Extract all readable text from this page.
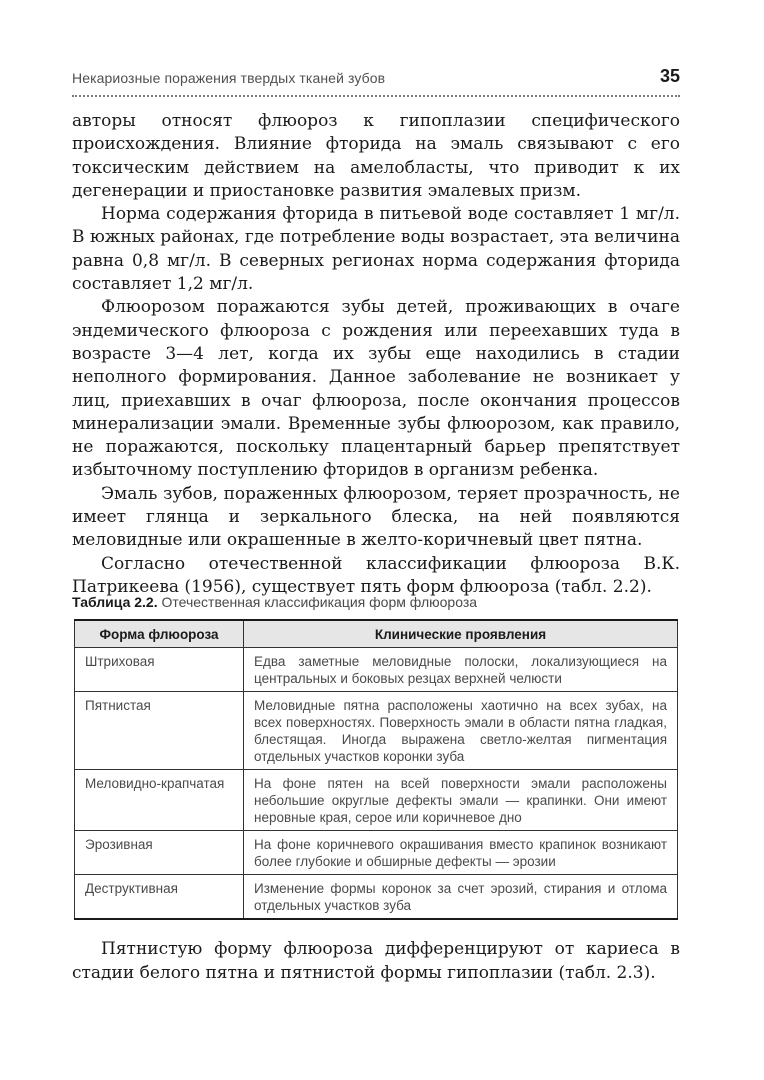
Некариозные поражения твердых тканей зубов	35

авторы относят флюороз к гипоплазии специфического происхождения. Влияние фторида на эмаль связывают с его токсическим действием на амелобласты, что приводит к их дегенерации и приостановке развития эмалевых призм.

Норма содержания фторида в питьевой воде составляет 1 мг/л. В южных районах, где потребление воды возрастает, эта величина равна 0,8 мг/л. В северных регионах норма содержания фторида составляет 1,2 мг/л.

Флюорозом поражаются зубы детей, проживающих в очаге эндемического флюороза с рождения или переехавших туда в возрасте 3—4 лет, когда их зубы еще находились в стадии неполного формирования. Данное заболевание не возникает у лиц, приехавших в очаг флюороза, после окончания процессов минерализации эмали. Временные зубы флюорозом, как правило, не поражаются, поскольку плацентарный барьер препятствует избыточному поступлению фторидов в организм ребенка.

Эмаль зубов, пораженных флюорозом, теряет прозрачность, не имеет глянца и зеркального блеска, на ней появляются меловидные или окрашенные в желто-коричневый цвет пятна.

Согласно отечественной классификации флюороза В.К. Патрикеева (1956), существует пять форм флюороза (табл. 2.2).

Таблица 2.2. Отечественная классификация форм флюороза
Форма флюороза	Клинические проявления
Штриховая	Едва заметные меловидные полоски, локализующиеся на центральных и боковых резцах верхней челюсти
Пятнистая	Меловидные пятна расположены хаотично на всех зубах, на всех поверхностях. Поверхность эмали в области пятна гладкая, блестящая. Иногда выражена светло-желтая пигментация отдельных участков коронки зуба
Меловидно-крапчатая	На фоне пятен на всей поверхности эмали расположены небольшие округлые дефекты эмали — крапинки. Они имеют неровные края, серое или коричневое дно
Эрозивная	На фоне коричневого окрашивания вместо крапинок возникают более глубокие и обширные дефекты — эрозии
Деструктивная	Изменение формы коронок за счет эрозий, стирания и отлома отдельных участков зуба

Пятнистую форму флюороза дифференцируют от кариеса в стадии белого пятна и пятнистой формы гипоплазии (табл. 2.3).
